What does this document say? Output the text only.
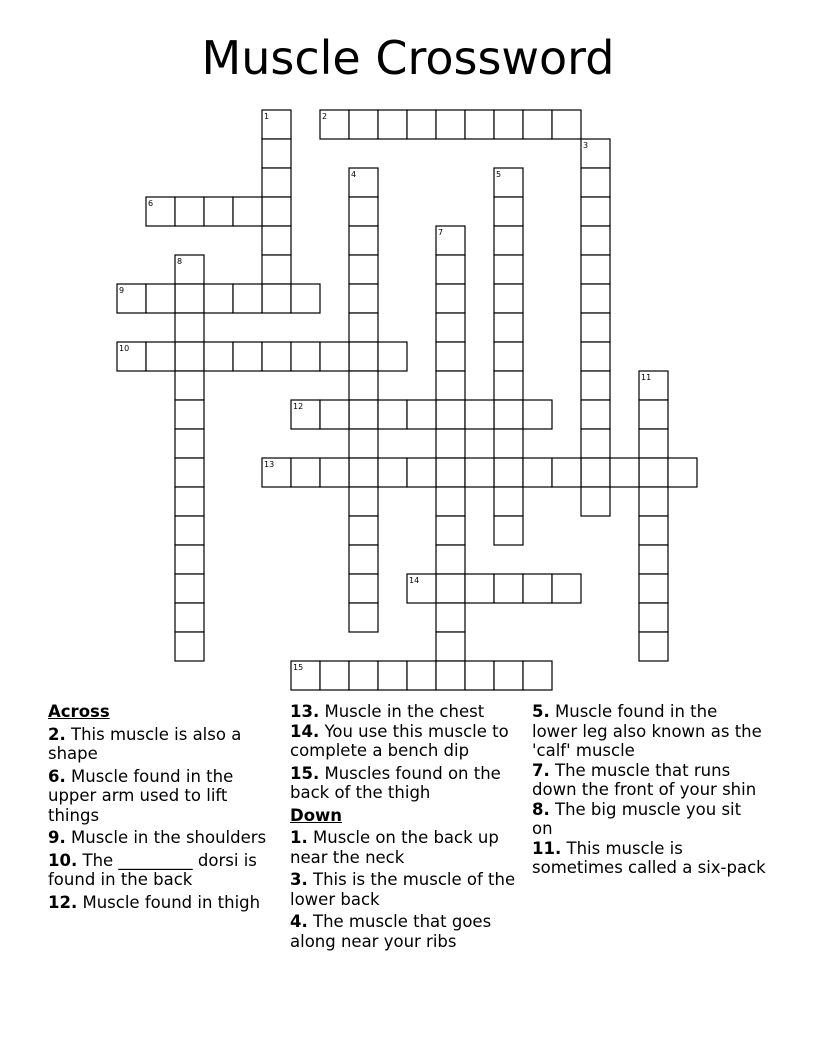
Muscle Crossword
1	2
3
4	5
6
7
8
9
10
11
12
13
14
15
Across
2. This muscle is also a shape
6. Muscle found in the upper arm used to lift things
9. Muscle in the shoulders
10. The _________ dorsi is found in the back
12. Muscle found in thigh
13. Muscle in the chest
14. You use this muscle to complete a bench dip
15. Muscles found on the back of the thigh
Down
1. Muscle on the back up near the neck
3. This is the muscle of the lower back
4. The muscle that goes along near your ribs
5. Muscle found in the lower leg also known as the 'calf' muscle
7. The muscle that runs down the front of your shin
8. The big muscle you sit on
11. This muscle is sometimes called a six-pack
